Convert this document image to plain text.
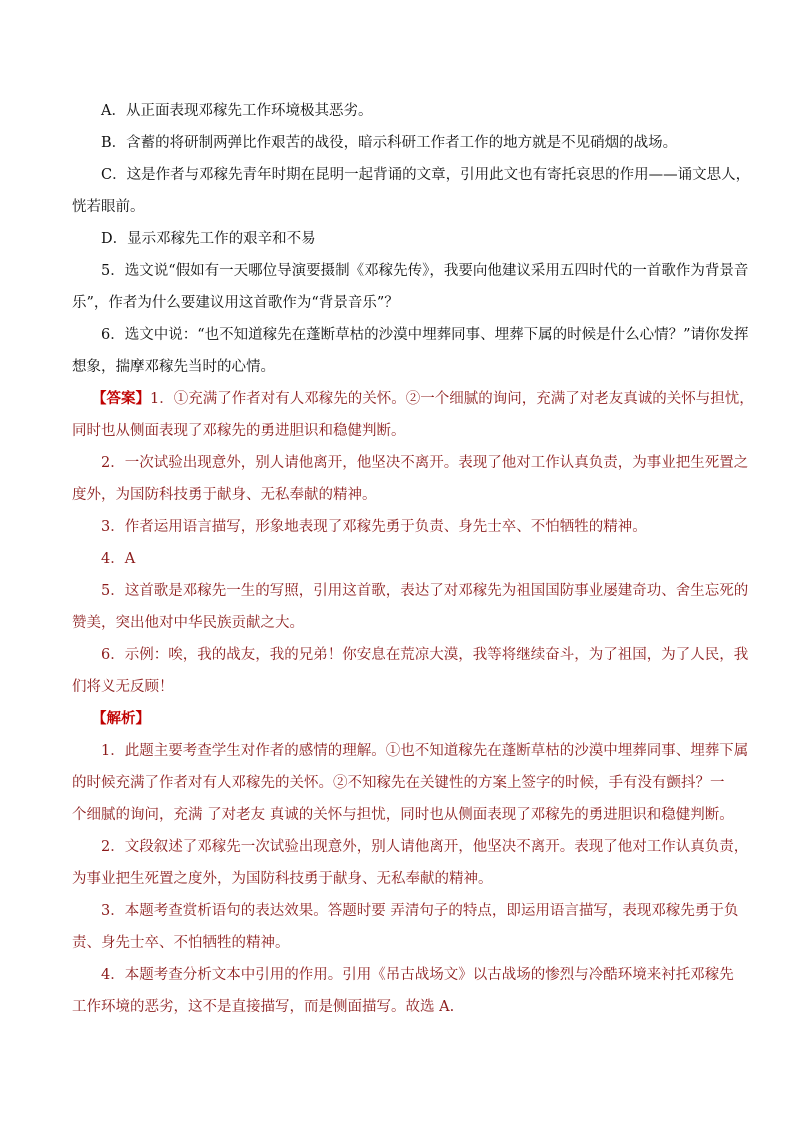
A．从正面表现邓稼先工作环境极其恶劣。
B．含蓄的将研制两弹比作艰苦的战役，暗示科研工作者工作的地方就是不见硝烟的战场。
C．这是作者与邓稼先青年时期在昆明一起背诵的文章，引用此文也有寄托哀思的作用——诵文思人，
恍若眼前。
D．显示邓稼先工作的艰辛和不易
5．选文说“假如有一天哪位导演要摄制《邓稼先传》，我要向他建议采用五四时代的一首歌作为背景音
乐”，作者为什么要建议用这首歌作为“背景音乐”？
6．选文中说：“也不知道稼先在蓬断草枯的沙漠中埋葬同事、埋葬下属的时候是什么心情？”请你发挥
想象，揣摩邓稼先当时的心情。
【答案】1．①充满了作者对有人邓稼先的关怀。②一个细腻的询问，充满了对老友真诚的关怀与担忧，
同时也从侧面表现了邓稼先的勇进胆识和稳健判断。
2．一次试验出现意外，别人请他离开，他坚决不离开。表现了他对工作认真负责，为事业把生死置之
度外，为国防科技勇于献身、无私奉献的精神。
3．作者运用语言描写，形象地表现了邓稼先勇于负责、身先士卒、不怕牺牲的精神。
4．A
5．这首歌是邓稼先一生的写照，引用这首歌，表达了对邓稼先为祖国国防事业屡建奇功、舍生忘死的
赞美，突出他对中华民族贡献之大。
6．示例：唉，我的战友，我的兄弟！你安息在荒凉大漠，我等将继续奋斗，为了祖国，为了人民，我
们将义无反顾！
【解析】
1．此题主要考查学生对作者的感情的理解。①也不知道稼先在蓬断草枯的沙漠中埋葬同事、埋葬下属
的时候充满了作者对有人邓稼先的关怀。②不知稼先在关键性的方案上签字的时候，手有没有颤抖？一
个细腻的询问，充满 了对老友 真诚的关怀与担忧，同时也从侧面表现了邓稼先的勇进胆识和稳健判断。
2．文段叙述了邓稼先一次试验出现意外，别人请他离开，他坚决不离开。表现了他对工作认真负责，
为事业把生死置之度外，为国防科技勇于献身、无私奉献的精神。
3．本题考查赏析语句的表达效果。答题时要 弄清句子的特点，即运用语言描写，表现邓稼先勇于负
责、身先士卒、不怕牺牲的精神。
4．本题考查分析文本中引用的作用。引用《吊古战场文》以古战场的惨烈与冷酷环境来衬托邓稼先
工作环境的恶劣，这不是直接描写，而是侧面描写。故选 A.
